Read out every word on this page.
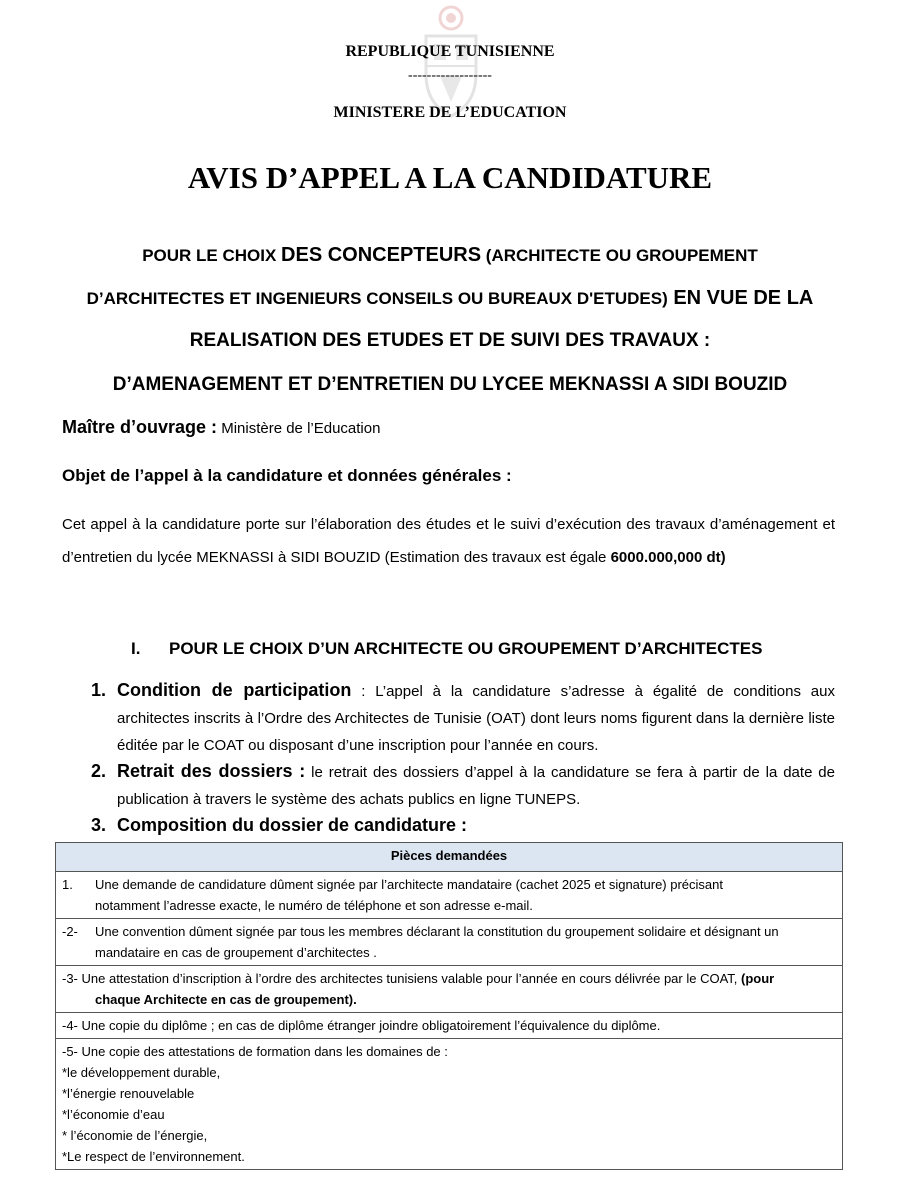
REPUBLIQUE TUNISIENNE
------------------
MINISTERE DE L’EDUCATION
AVIS D’APPEL A LA CANDIDATURE
POUR LE CHOIX DES CONCEPTEURS (ARCHITECTE OU GROUPEMENT
D’ARCHITECTES ET INGENIEURS CONSEILS OU BUREAUX D'ETUDES) EN VUE DE LA
REALISATION DES ETUDES ET DE SUIVI DES TRAVAUX :
D’AMENAGEMENT ET D’ENTRETIEN DU LYCEE MEKNASSI A SIDI BOUZID
Maître d’ouvrage : Ministère de l’Education
Objet de l’appel à la candidature et données générales :
Cet appel à la candidature porte sur l’élaboration des études et le suivi d’exécution des travaux d’aménagement et d’entretien du lycée MEKNASSI à SIDI BOUZID (Estimation des travaux est égale 6000.000,000 dt)
I. POUR LE CHOIX D’UN ARCHITECTE OU GROUPEMENT D’ARCHITECTES
1. Condition de participation : L’appel à la candidature s’adresse à égalité de conditions aux architectes inscrits à l’Ordre des Architectes de Tunisie (OAT) dont leurs noms figurent dans la dernière liste éditée par le COAT ou disposant d’une inscription pour l’année en cours.
2. Retrait des dossiers : le retrait des dossiers d’appel à la candidature se fera à partir de la date de publication à travers le système des achats publics en ligne TUNEPS.
3. Composition du dossier de candidature :
Pièces demandées
1. Une demande de candidature dûment signée par l’architecte mandataire (cachet 2025 et signature) précisant
notamment l’adresse exacte, le numéro de téléphone et son adresse e-mail.
-2- Une convention dûment signée par tous les membres déclarant la constitution du groupement solidaire et désignant un
mandataire en cas de groupement d’architectes .
-3- Une attestation d’inscription à l’ordre des architectes tunisiens valable pour l’année en cours délivrée par le COAT, (pour
chaque Architecte en cas de groupement).
-4- Une copie du diplôme ; en cas de diplôme étranger joindre obligatoirement l’équivalence du diplôme.

-5- Une copie des attestations de formation dans les domaines de :
*le développement durable,
*l’énergie renouvelable
*l’économie d’eau
* l’économie de l’énergie,
*Le respect de l’environnement.
